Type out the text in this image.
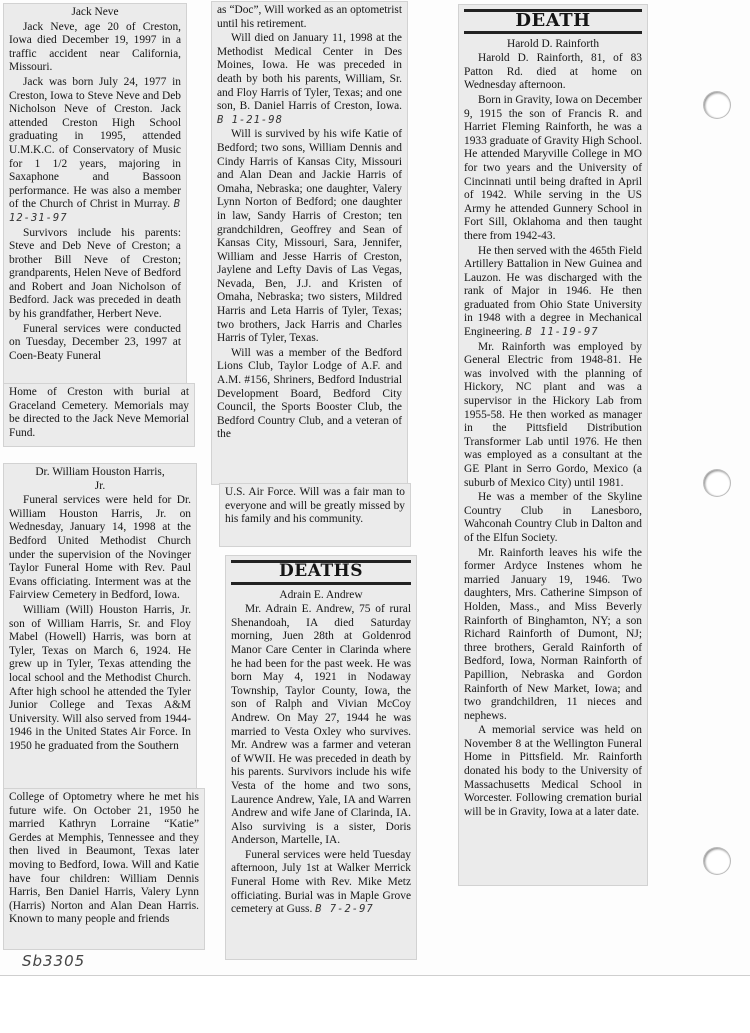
Jack Neve

Jack Neve, age 20 of Creston, Iowa died December 19, 1997 in a traffic accident near California, Missouri.

Jack was born July 24, 1977 in Creston, Iowa to Steve Neve and Deb Nicholson Neve of Creston. Jack attended Creston High School graduating in 1995, attended U.M.K.C. of Conservatory of Music for 1 1/2 years, majoring in Saxaphone and Bassoon performance. He was also a member of the Church of Christ in Murray. B 12-31-97

Survivors include his parents: Steve and Deb Neve of Creston; a brother Bill Neve of Creston; grandparents, Helen Neve of Bedford and Robert and Joan Nicholson of Bedford. Jack was preceded in death by his grandfather, Herbert Neve.

Funeral services were conducted on Tuesday, December 23, 1997 at Coen-Beaty Funeral

Home of Creston with burial at Graceland Cemetery. Memorials may be directed to the Jack Neve Memorial Fund.

Dr. William Houston Harris, Jr.

Funeral services were held for Dr. William Houston Harris, Jr. on Wednesday, January 14, 1998 at the Bedford United Methodist Church under the supervision of the Novinger Taylor Funeral Home with Rev. Paul Evans officiating. Interment was at the Fairview Cemetery in Bedford, Iowa.

William (Will) Houston Harris, Jr. son of William Harris, Sr. and Floy Mabel (Howell) Harris, was born at Tyler, Texas on March 6, 1924. He grew up in Tyler, Texas attending the local school and the Methodist Church. After high school he attended the Tyler Junior College and Texas A&M University. Will also served from 1944-1946 in the United States Air Force. In 1950 he graduated from the Southern

College of Optometry where he met his future wife. On October 21, 1950 he married Kathryn Lorraine “Katie” Gerdes at Memphis, Tennessee and they then lived in Beaumont, Texas later moving to Bedford, Iowa. Will and Katie have four children: William Dennis Harris, Ben Daniel Harris, Valery Lynn (Harris) Norton and Alan Dean Harris. Known to many people and friends

as “Doc”, Will worked as an optometrist until his retirement.

Will died on January 11, 1998 at the Methodist Medical Center in Des Moines, Iowa. He was preceded in death by both his parents, William, Sr. and Floy Harris of Tyler, Texas; and one son, B. Daniel Harris of Creston, Iowa. B 1-21-98

Will is survived by his wife Katie of Bedford; two sons, William Dennis and Cindy Harris of Kansas City, Missouri and Alan Dean and Jackie Harris of Omaha, Nebraska; one daughter, Valery Lynn Norton of Bedford; one daughter in law, Sandy Harris of Creston; ten grandchildren, Geoffrey and Sean of Kansas City, Missouri, Sara, Jennifer, William and Jesse Harris of Creston, Jaylene and Lefty Davis of Las Vegas, Nevada, Ben, J.J. and Kristen of Omaha, Nebraska; two sisters, Mildred Harris and Leta Harris of Tyler, Texas; two brothers, Jack Harris and Charles Harris of Tyler, Texas.

Will was a member of the Bedford Lions Club, Taylor Lodge of A.F. and A.M. #156, Shriners, Bedford Industrial Development Board, Bedford City Council, the Sports Booster Club, the Bedford Country Club, and a veteran of the

U.S. Air Force. Will was a fair man to everyone and will be greatly missed by his family and his community.

DEATHS

Adrain E. Andrew

Mr. Adrain E. Andrew, 75 of rural Shenandoah, IA died Saturday morning, Juen 28th at Goldenrod Manor Care Center in Clarinda where he had been for the past week. He was born May 4, 1921 in Nodaway Township, Taylor County, Iowa, the son of Ralph and Vivian McCoy Andrew. On May 27, 1944 he was married to Vesta Oxley who survives. Mr. Andrew was a farmer and veteran of WWII. He was preceded in death by his parents. Survivors include his wife Vesta of the home and two sons, Laurence Andrew, Yale, IA and Warren Andrew and wife Jane of Clarinda, IA. Also surviving is a sister, Doris Anderson, Martelle, IA.

Funeral services were held Tuesday afternoon, July 1st at Walker Merrick Funeral Home with Rev. Mike Metz officiating. Burial was in Maple Grove cemetery at Guss. B 7-2-97

DEATH

Harold D. Rainforth

Harold D. Rainforth, 81, of 83 Patton Rd. died at home on Wednesday afternoon.

Born in Gravity, Iowa on December 9, 1915 the son of Francis R. and Harriet Fleming Rainforth, he was a 1933 graduate of Gravity High School. He attended Maryville College in MO for two years and the University of Cincinnati until being drafted in April of 1942. While serving in the US Army he attended Gunnery School in Fort Sill, Oklahoma and then taught there from 1942-43.

He then served with the 465th Field Artillery Battalion in New Guinea and Lauzon. He was discharged with the rank of Major in 1946. He then graduated from Ohio State University in 1948 with a degree in Mechanical Engineering. B 11-19-97

Mr. Rainforth was employed by General Electric from 1948-81. He was involved with the planning of Hickory, NC plant and was a supervisor in the Hickory Lab from 1955-58. He then worked as manager in the Pittsfield Distribution Transformer Lab until 1976. He then was employed as a consultant at the GE Plant in Serro Gordo, Mexico (a suburb of Mexico City) until 1981.

He was a member of the Skyline Country Club in Lanesboro, Wahconah Country Club in Dalton and of the Elfun Society.

Mr. Rainforth leaves his wife the former Ardyce Instenes whom he married January 19, 1946. Two daughters, Mrs. Catherine Simpson of Holden, Mass., and Miss Beverly Rainforth of Binghamton, NY; a son Richard Rainforth of Dumont, NJ; three brothers, Gerald Rainforth of Bedford, Iowa, Norman Rainforth of Papillion, Nebraska and Gordon Rainforth of New Market, Iowa; and two grandchildren, 11 nieces and nephews.

A memorial service was held on November 8 at the Wellington Funeral Home in Pittsfield. Mr. Rainforth donated his body to the University of Massachusetts Medical School in Worcester. Following cremation burial will be in Gravity, Iowa at a later date.

Sb3305
